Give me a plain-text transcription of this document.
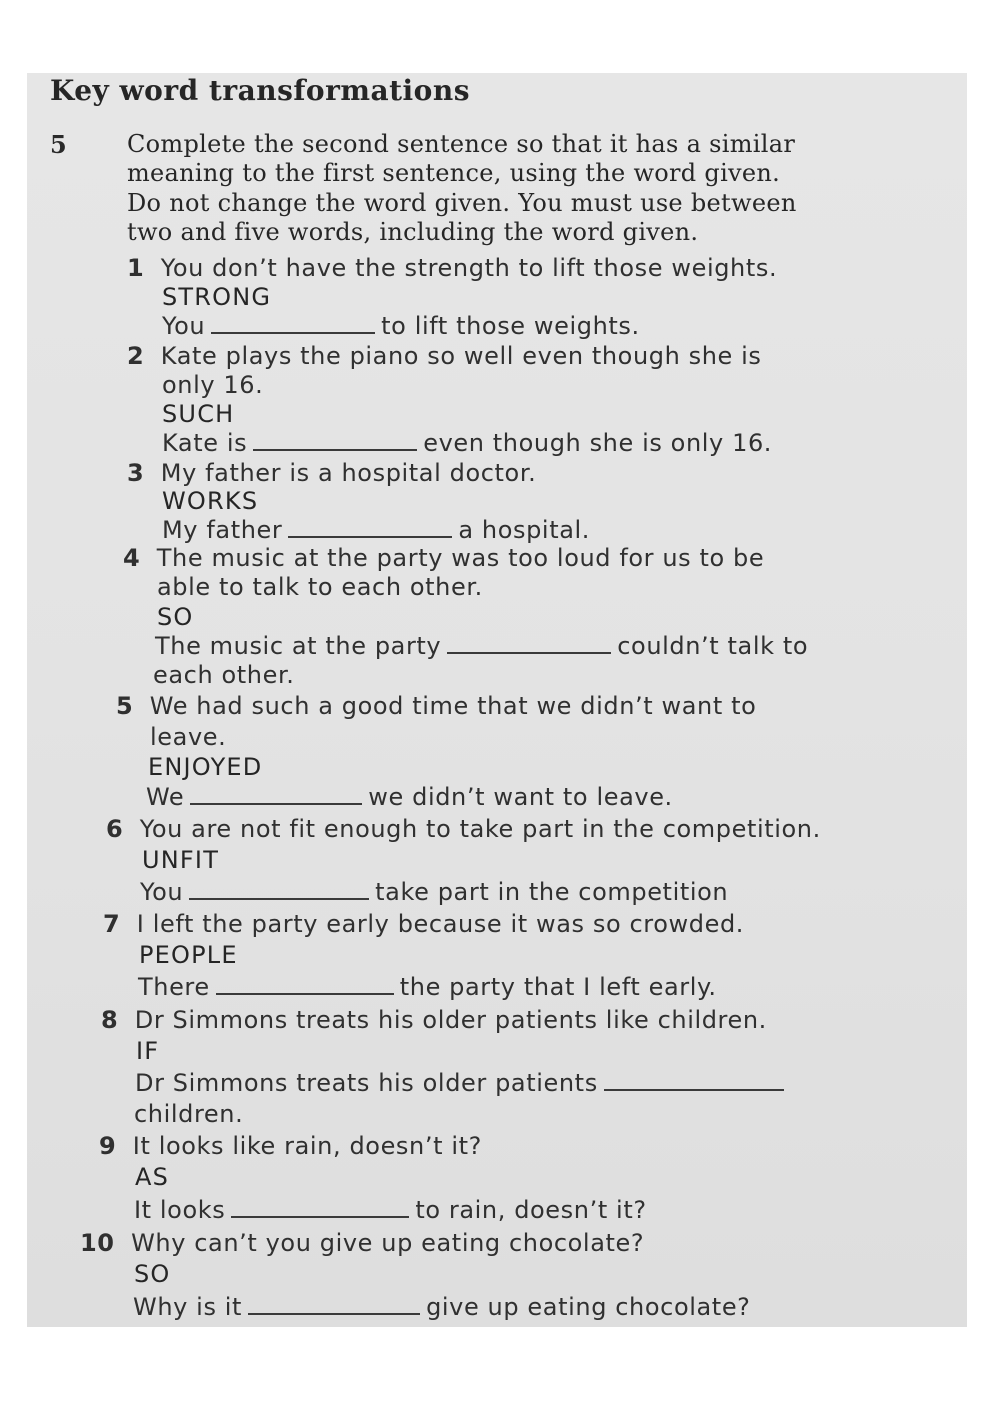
Key word transformations
5	Complete the second sentence so that it has a similar
meaning to the first sentence, using the word given.
Do not change the word given. You must use between
two and five words, including the word given.
1 You don’t have the strength to lift those weights.
STRONG
You	to lift those weights.
2 Kate plays the piano so well even though she is
only 16.
SUCH
Kate is	even though she is only 16.
3 My father is a hospital doctor.
WORKS
My father	a hospital.
4 The music at the party was too loud for us to be
able to talk to each other.
SO
The music at the party	couldn’t talk to
each other.
5 We had such a good time that we didn’t want to
leave.
ENJOYED
We	we didn’t want to leave.
6 You are not fit enough to take part in the competition.
UNFIT
You	take part in the competition
7 I left the party early because it was so crowded.
PEOPLE
There	the party that I left early.
8 Dr Simmons treats his older patients like children.
IF
Dr Simmons treats his older patients
children.
9 It looks like rain, doesn’t it?
AS
It looks	to rain, doesn’t it?
10 Why can’t you give up eating chocolate?
SO
Why is it	give up eating chocolate?
